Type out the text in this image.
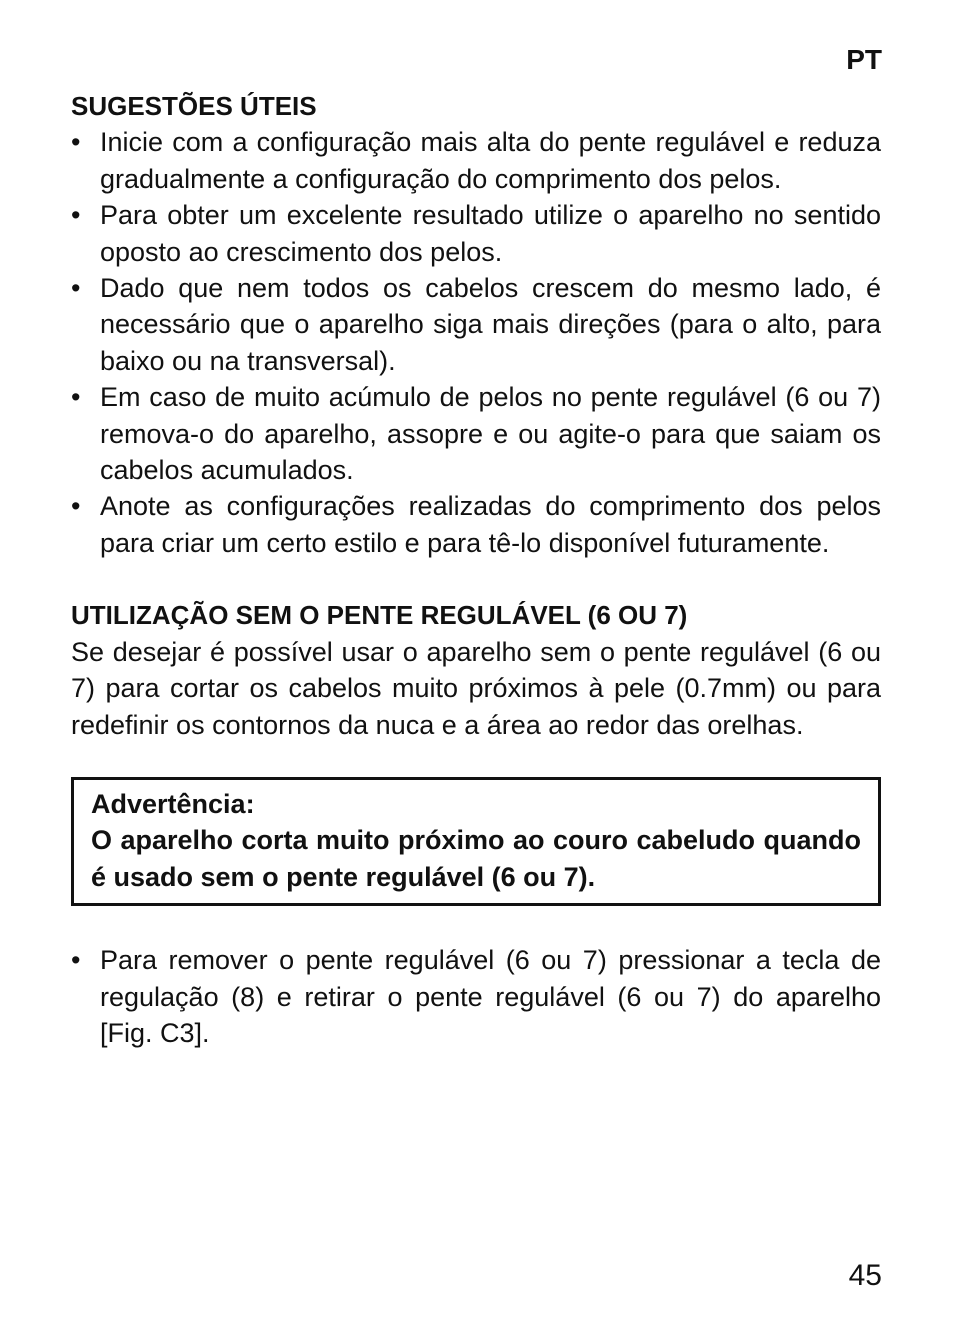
PT
SUGESTÕES ÚTEIS
• Inicie com a configuração mais alta do pente regulável e reduza gradualmente a configuração do comprimento dos pelos.
• Para obter um excelente resultado utilize o aparelho no sentido oposto ao crescimento dos pelos.
• Dado que nem todos os cabelos crescem do mesmo lado, é necessário que o aparelho siga mais direções (para o alto, para baixo ou na transversal).
• Em caso de muito acúmulo de pelos no pente regulável (6 ou 7) remova-o do aparelho, assopre e ou agite-o para que saiam os cabelos acumulados.
• Anote as configurações realizadas do comprimento dos pelos para criar um certo estilo e para tê-lo disponível futuramente.
UTILIZAÇÃO SEM O PENTE REGULÁVEL (6 OU 7)

Se desejar é possível usar o aparelho sem o pente regulável (6 ou 7) para cortar os cabelos muito próximos à pele (0.7mm) ou para redefinir os contornos da nuca e a área ao redor das orelhas.

Advertência:
O aparelho corta muito próximo ao couro cabeludo quando é usado sem o pente regulável (6 ou 7).
• Para remover o pente regulável (6 ou 7) pressionar a tecla de regulação (8) e retirar o pente regulável (6 ou 7) do aparelho [Fig. C3].
45
